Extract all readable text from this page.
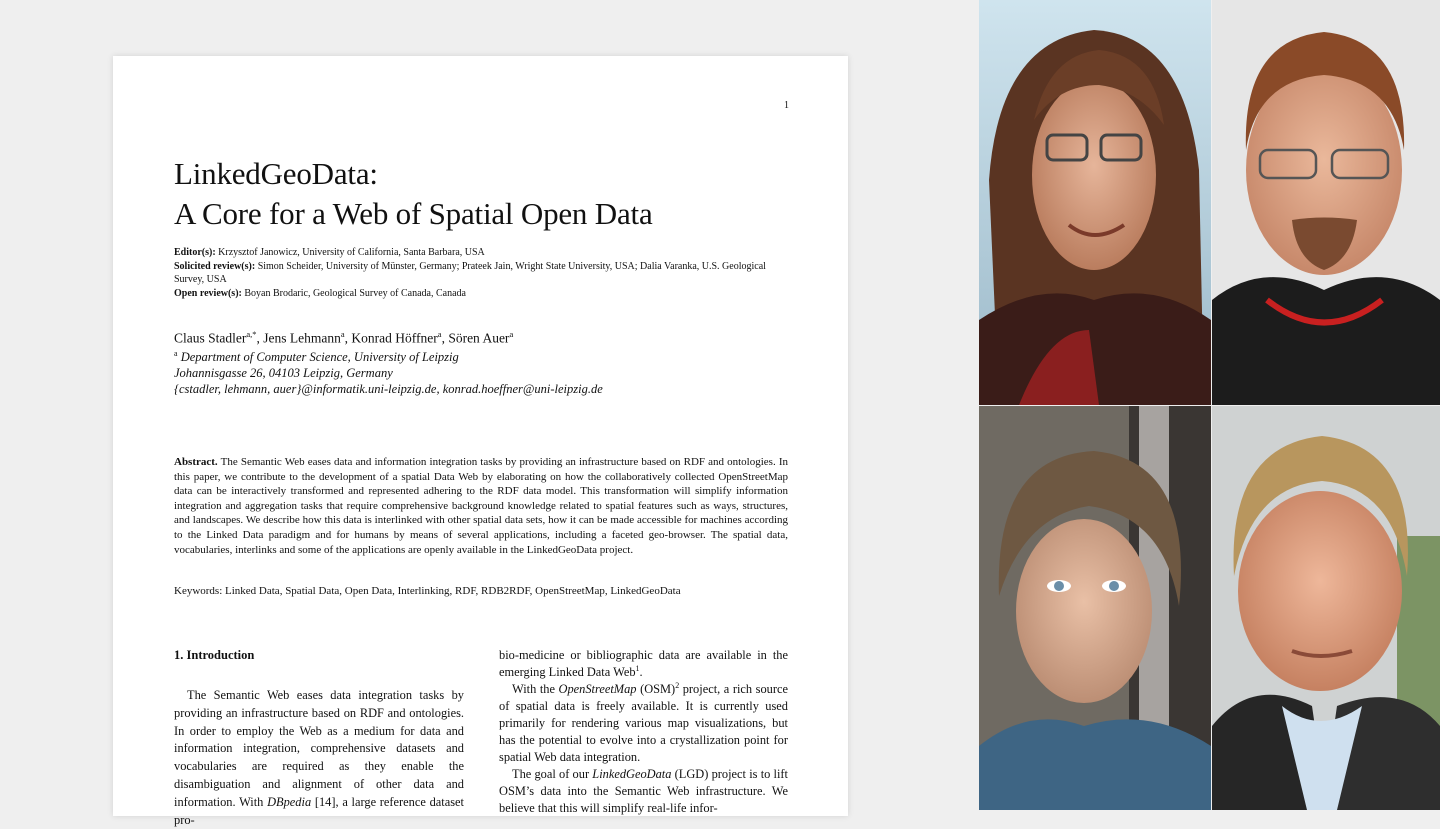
1
LinkedGeoData:
A Core for a Web of Spatial Open Data
Editor(s): Krzysztof Janowicz, University of California, Santa Barbara, USA
Solicited review(s): Simon Scheider, University of Münster, Germany; Prateek Jain, Wright State University, USA; Dalia Varanka, U.S. Geological Survey, USA
Open review(s): Boyan Brodaric, Geological Survey of Canada, Canada
Claus Stadler$^{a,*}$, Jens Lehmann$^a$, Konrad Höffner$^a$, Sören Auer$^a$
$^a$ Department of Computer Science, University of Leipzig
Johannisgasse 26, 04103 Leipzig, Germany
{cstadler, lehmann, auer}@informatik.uni-leipzig.de, konrad.hoeffner@uni-leipzig.de
Abstract. The Semantic Web eases data and information integration tasks by providing an infrastructure based on RDF and ontologies. In this paper, we contribute to the development of a spatial Data Web by elaborating on how the collaboratively collected OpenStreetMap data can be interactively transformed and represented adhering to the RDF data model. This transformation will simplify information integration and aggregation tasks that require comprehensive background knowledge related to spatial features such as ways, structures, and landscapes. We describe how this data is interlinked with other spatial data sets, how it can be made accessible for machines according to the Linked Data paradigm and for humans by means of several applications, including a faceted geo-browser. The spatial data, vocabularies, interlinks and some of the applications are openly available in the LinkedGeoData project.
Keywords: Linked Data, Spatial Data, Open Data, Interlinking, RDF, RDB2RDF, OpenStreetMap, LinkedGeoData
1. Introduction

The Semantic Web eases data integration tasks by providing an infrastructure based on RDF and ontologies. In order to employ the Web as a medium for data and information integration, comprehensive datasets and vocabularies are required as they enable the disambiguation and alignment of other data and information. With DBpedia [14], a large reference dataset pro-

bio-medicine or bibliographic data are available in the emerging Linked Data Web$^1$.

With the OpenStreetMap (OSM)$^2$ project, a rich source of spatial data is freely available. It is currently used primarily for rendering various map visualizations, but has the potential to evolve into a crystallization point for spatial Web data integration.

The goal of our LinkedGeoData (LGD) project is to lift OSM’s data into the Semantic Web infrastructure. We believe that this will simplify real-life infor-
